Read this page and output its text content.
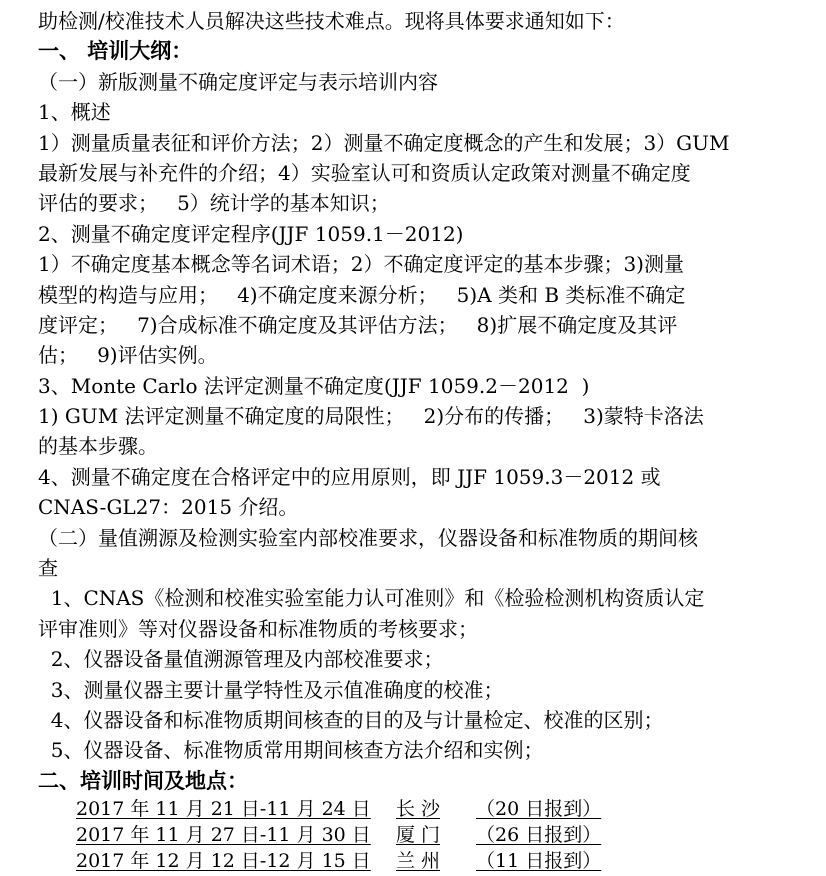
助检测/校准技术人员解决这些技术难点。现将具体要求通知如下：
一、 培训大纲：
（一）新版测量不确定度评定与表示培训内容
1、概述
1）测量质量表征和评价方法；2）测量不确定度概念的产生和发展；3）GUM
最新发展与补充件的介绍；4）实验室认可和资质认定政策对测量不确定度
评估的要求；   5）统计学的基本知识；
2、测量不确定度评定程序(JJF 1059.1－2012)
1）不确定度基本概念等名词术语；2）不确定度评定的基本步骤；3)测量
模型的构造与应用；   4)不确定度来源分析；   5)A 类和 B 类标准不确定
度评定；   7)合成标准不确定度及其评估方法；   8)扩展不确定度及其评
估；   9)评估实例。
3、Monte Carlo 法评定测量不确定度(JJF 1059.2－2012  )
1) GUM 法评定测量不确定度的局限性；   2)分布的传播；   3)蒙特卡洛法
的基本步骤。
4、测量不确定度在合格评定中的应用原则，即 JJF 1059.3－2012 或
CNAS-GL27：2015 介绍。
（二）量值溯源及检测实验室内部校准要求，仪器设备和标准物质的期间核
查
1、CNAS《检测和校准实验室能力认可准则》和《检验检测机构资质认定
评审准则》等对仪器设备和标准物质的考核要求；
2、仪器设备量值溯源管理及内部校准要求；
3、测量仪器主要计量学特性及示值准确度的校准；
4、仪器设备和标准物质期间核查的目的及与计量检定、校准的区别；
5、仪器设备、标准物质常用期间核查方法介绍和实例；
二、培训时间及地点：
2017 年 11 月 21 日-11 月 24 日	长 沙	（20 日报到）
2017 年 11 月 27 日-11 月 30 日	厦 门	（26 日报到）
2017 年 12 月 12 日-12 月 15 日	兰 州	（11 日报到）
